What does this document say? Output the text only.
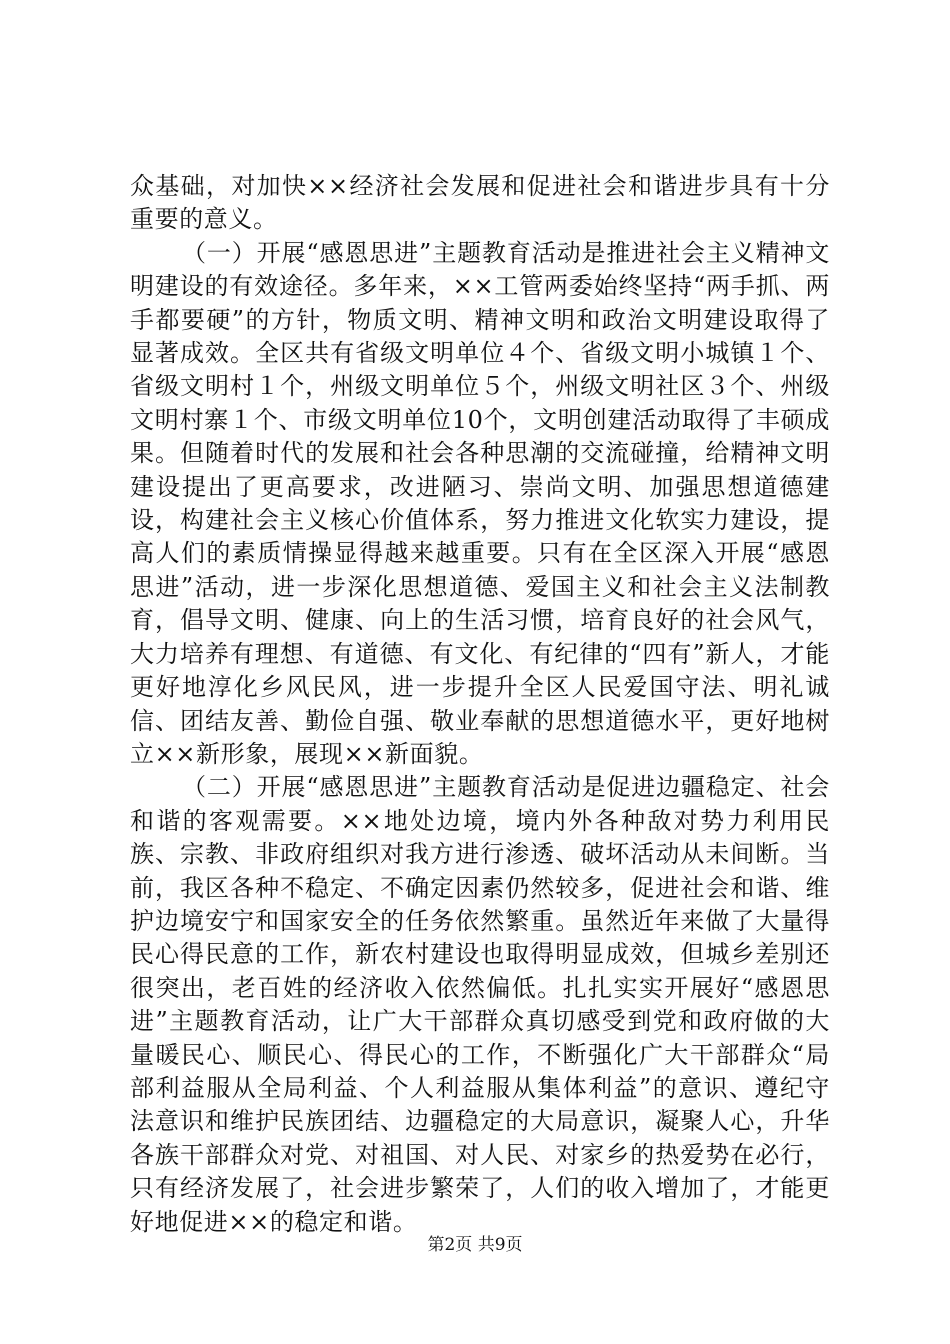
众基础，对加快××经济社会发展和促进社会和谐进步具有十分重要的意义。

（一）开展“感恩思进”主题教育活动是推进社会主义精神文明建设的有效途径。多年来，××工管两委始终坚持“两手抓、两手都要硬”的方针，物质文明、精神文明和政治文明建设取得了显著成效。全区共有省级文明单位４个、省级文明小城镇１个、省级文明村１个，州级文明单位５个，州级文明社区３个、州级文明村寨１个、市级文明单位10个，文明创建活动取得了丰硕成果。但随着时代的发展和社会各种思潮的交流碰撞，给精神文明建设提出了更高要求，改进陋习、崇尚文明、加强思想道德建设，构建社会主义核心价值体系，努力推进文化软实力建设，提高人们的素质情操显得越来越重要。只有在全区深入开展“感恩思进”活动，进一步深化思想道德、爱国主义和社会主义法制教育，倡导文明、健康、向上的生活习惯，培育良好的社会风气，大力培养有理想、有道德、有文化、有纪律的“四有”新人，才能更好地淳化乡风民风，进一步提升全区人民爱国守法、明礼诚信、团结友善、勤俭自强、敬业奉献的思想道德水平，更好地树立××新形象，展现××新面貌。

（二）开展“感恩思进”主题教育活动是促进边疆稳定、社会和谐的客观需要。××地处边境，境内外各种敌对势力利用民族、宗教、非政府组织对我方进行渗透、破坏活动从未间断。当前，我区各种不稳定、不确定因素仍然较多，促进社会和谐、维护边境安宁和国家安全的任务依然繁重。虽然近年来做了大量得民心得民意的工作，新农村建设也取得明显成效，但城乡差别还很突出，老百姓的经济收入依然偏低。扎扎实实开展好“感恩思进”主题教育活动，让广大干部群众真切感受到党和政府做的大量暖民心、顺民心、得民心的工作，不断强化广大干部群众“局部利益服从全局利益、个人利益服从集体利益”的意识、遵纪守法意识和维护民族团结、边疆稳定的大局意识，凝聚人心，升华各族干部群众对党、对祖国、对人民、对家乡的热爱势在必行，只有经济发展了，社会进步繁荣了，人们的收入增加了，才能更好地促进××的稳定和谐。

第2页 共9页
